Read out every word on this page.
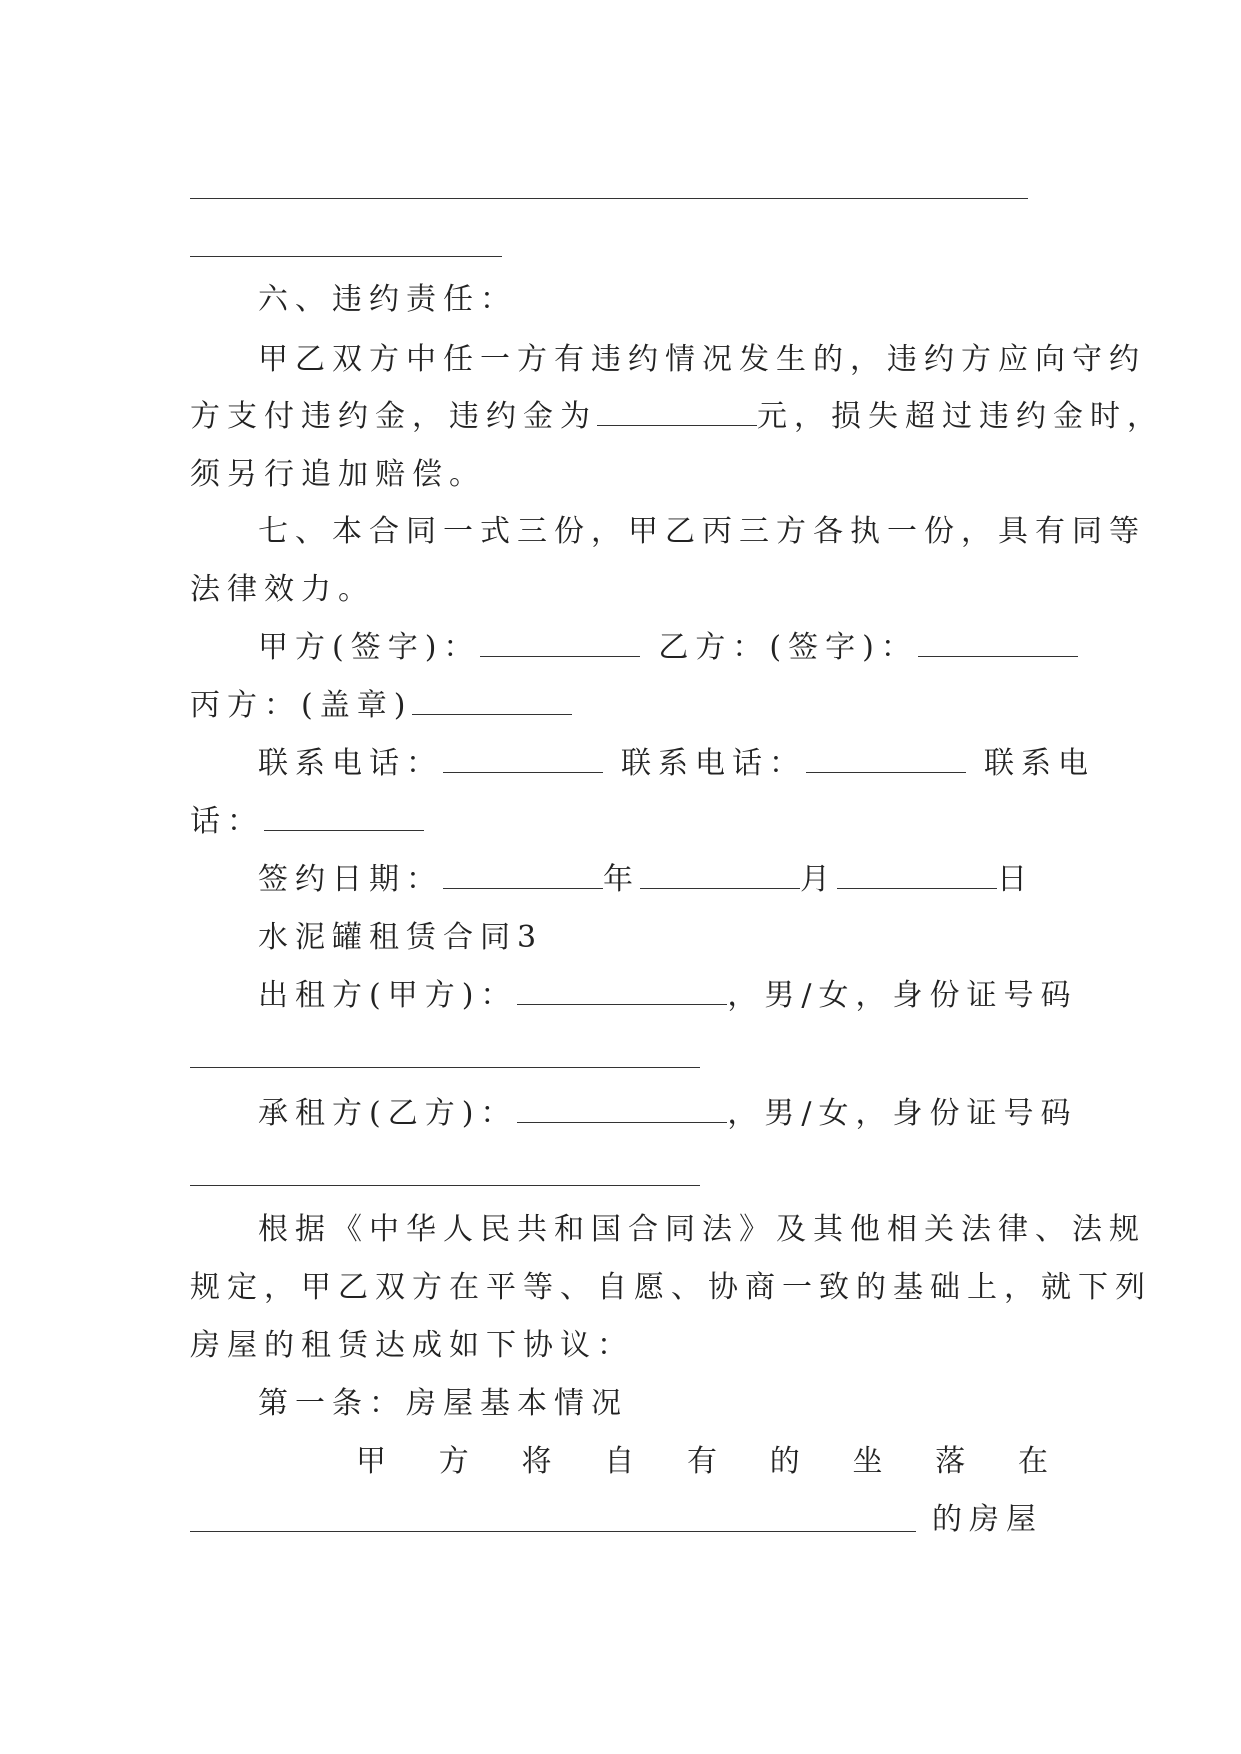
六、违约责任：
甲乙双方中任一方有违约情况发生的，违约方应向守约
方支付违约金，违约金为	元，损失超过违约金时，
须另行追加赔偿。
七、本合同一式三份，甲乙丙三方各执一份，具有同等
法律效力。
甲方(签字)：	乙方：(签字)：
丙方：(盖章)
联系电话：	联系电话：	联系电
话：
签约日期：	年	月	日
水泥罐租赁合同3
出租方(甲方)：	，男/女，身份证号码
承租方(乙方)：	，男/女，身份证号码
根据《中华人民共和国合同法》及其他相关法律、法规
规定，甲乙双方在平等、自愿、协商一致的基础上，就下列
房屋的租赁达成如下协议：
第一条：房屋基本情况
甲 方 将 自 有 的 坐 落 在
的房屋
